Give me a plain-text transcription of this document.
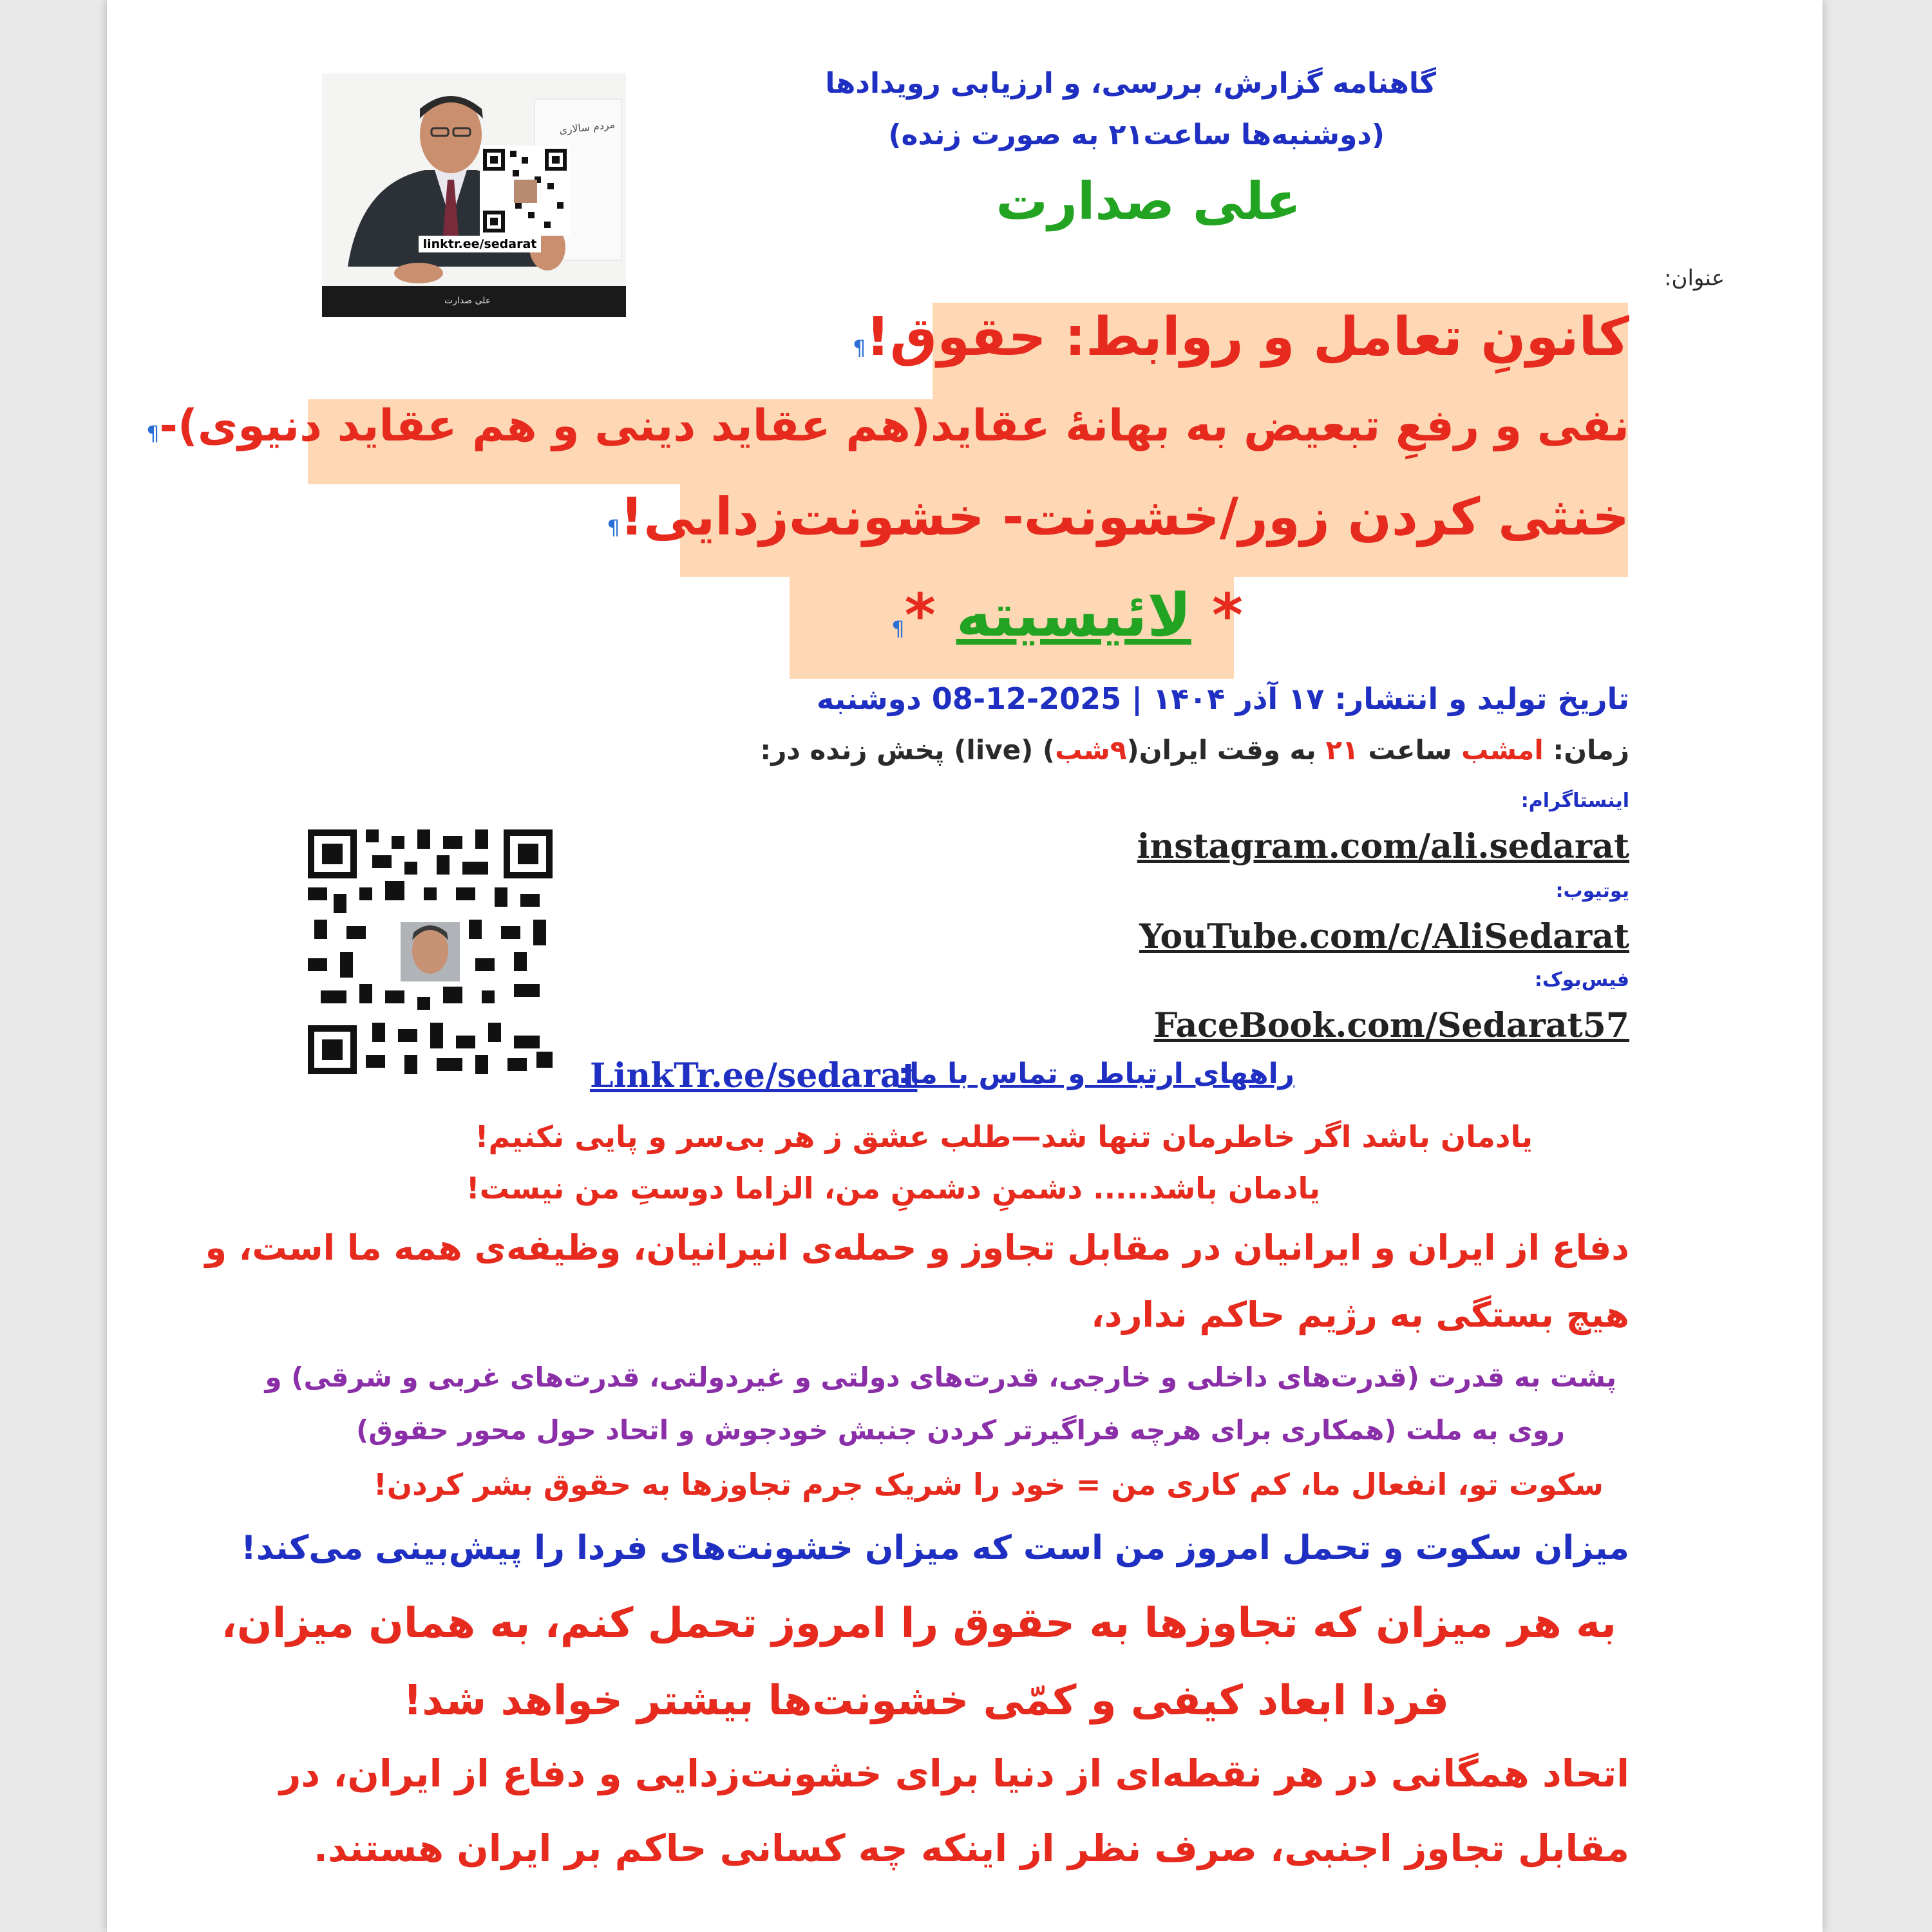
linktr.ee/sedarat
مردم سالاری
علی صدارت
گاهنامه گزارش، بررسی، و ارزیابی رویدادها
(دوشنبه‌ها ساعت۲۱ به صورت زنده)
علی صدارت
عنوان:
کانونِ تعامل و روابط: حقوق!¶
نفی و رفعِ تبعیض به بهانهٔ عقاید(هم عقاید دینی و هم عقاید دنیوی)-¶
خنثی کردن زور/خشونت- خشونت‌زدایی!¶
* لائیسیته *¶
تاریخ تولید و انتشار: ۱۷ آذر ۱۴۰۴ | 2025-12-08 دوشنبه
زمان: امشب ساعت ۲۱ به وقت ایران(۹شب) (live) پخش زنده در:
اینستاگرام:
instagram.com/ali.sedarat
یوتیوب:
YouTube.com/c/AliSedarat
فیس‌بوک:
FaceBook.com/Sedarat57
راههای ارتباط و تماس با ما:
LinkTr.ee/sedarat
یادمان باشد اگر خاطرمان تنها شد—طلب عشق ز هر بی‌سر و پایی نکنیم!
یادمان باشد..... دشمنِ دشمنِ من، الزاما دوستِ من نیست!
دفاع از ایران و ایرانیان در مقابل تجاوز و حمله‌ی انیرانیان، وظیفه‌ی همه ما است، و
هیچ بستگی به رژیم حاکم ندارد،
پشت به قدرت (قدرت‌های داخلی و خارجی، قدرت‌های دولتی و غیردولتی، قدرت‌های غربی و شرقی) و
روی به ملت (همکاری برای هرچه فراگیرتر کردن جنبش خودجوش و اتحاد حول محور حقوق)
سکوت تو، انفعال ما، کم کاری من = خود را شریک جرم تجاوزها به حقوق بشر کردن!
میزان سکوت و تحمل امروز من است که میزان خشونت‌های فردا را پیش‌بینی می‌کند!
به هر میزان که تجاوزها به حقوق را امروز تحمل کنم، به همان میزان،
فردا ابعاد کیفی و کمّی خشونت‌ها بیشتر خواهد شد!
اتحاد همگانی در هر نقطه‌ای از دنیا برای خشونت‌زدایی و دفاع از ایران، در
مقابل تجاوز اجنبی، صرف نظر از اینکه چه کسانی حاکم بر ایران هستند.
